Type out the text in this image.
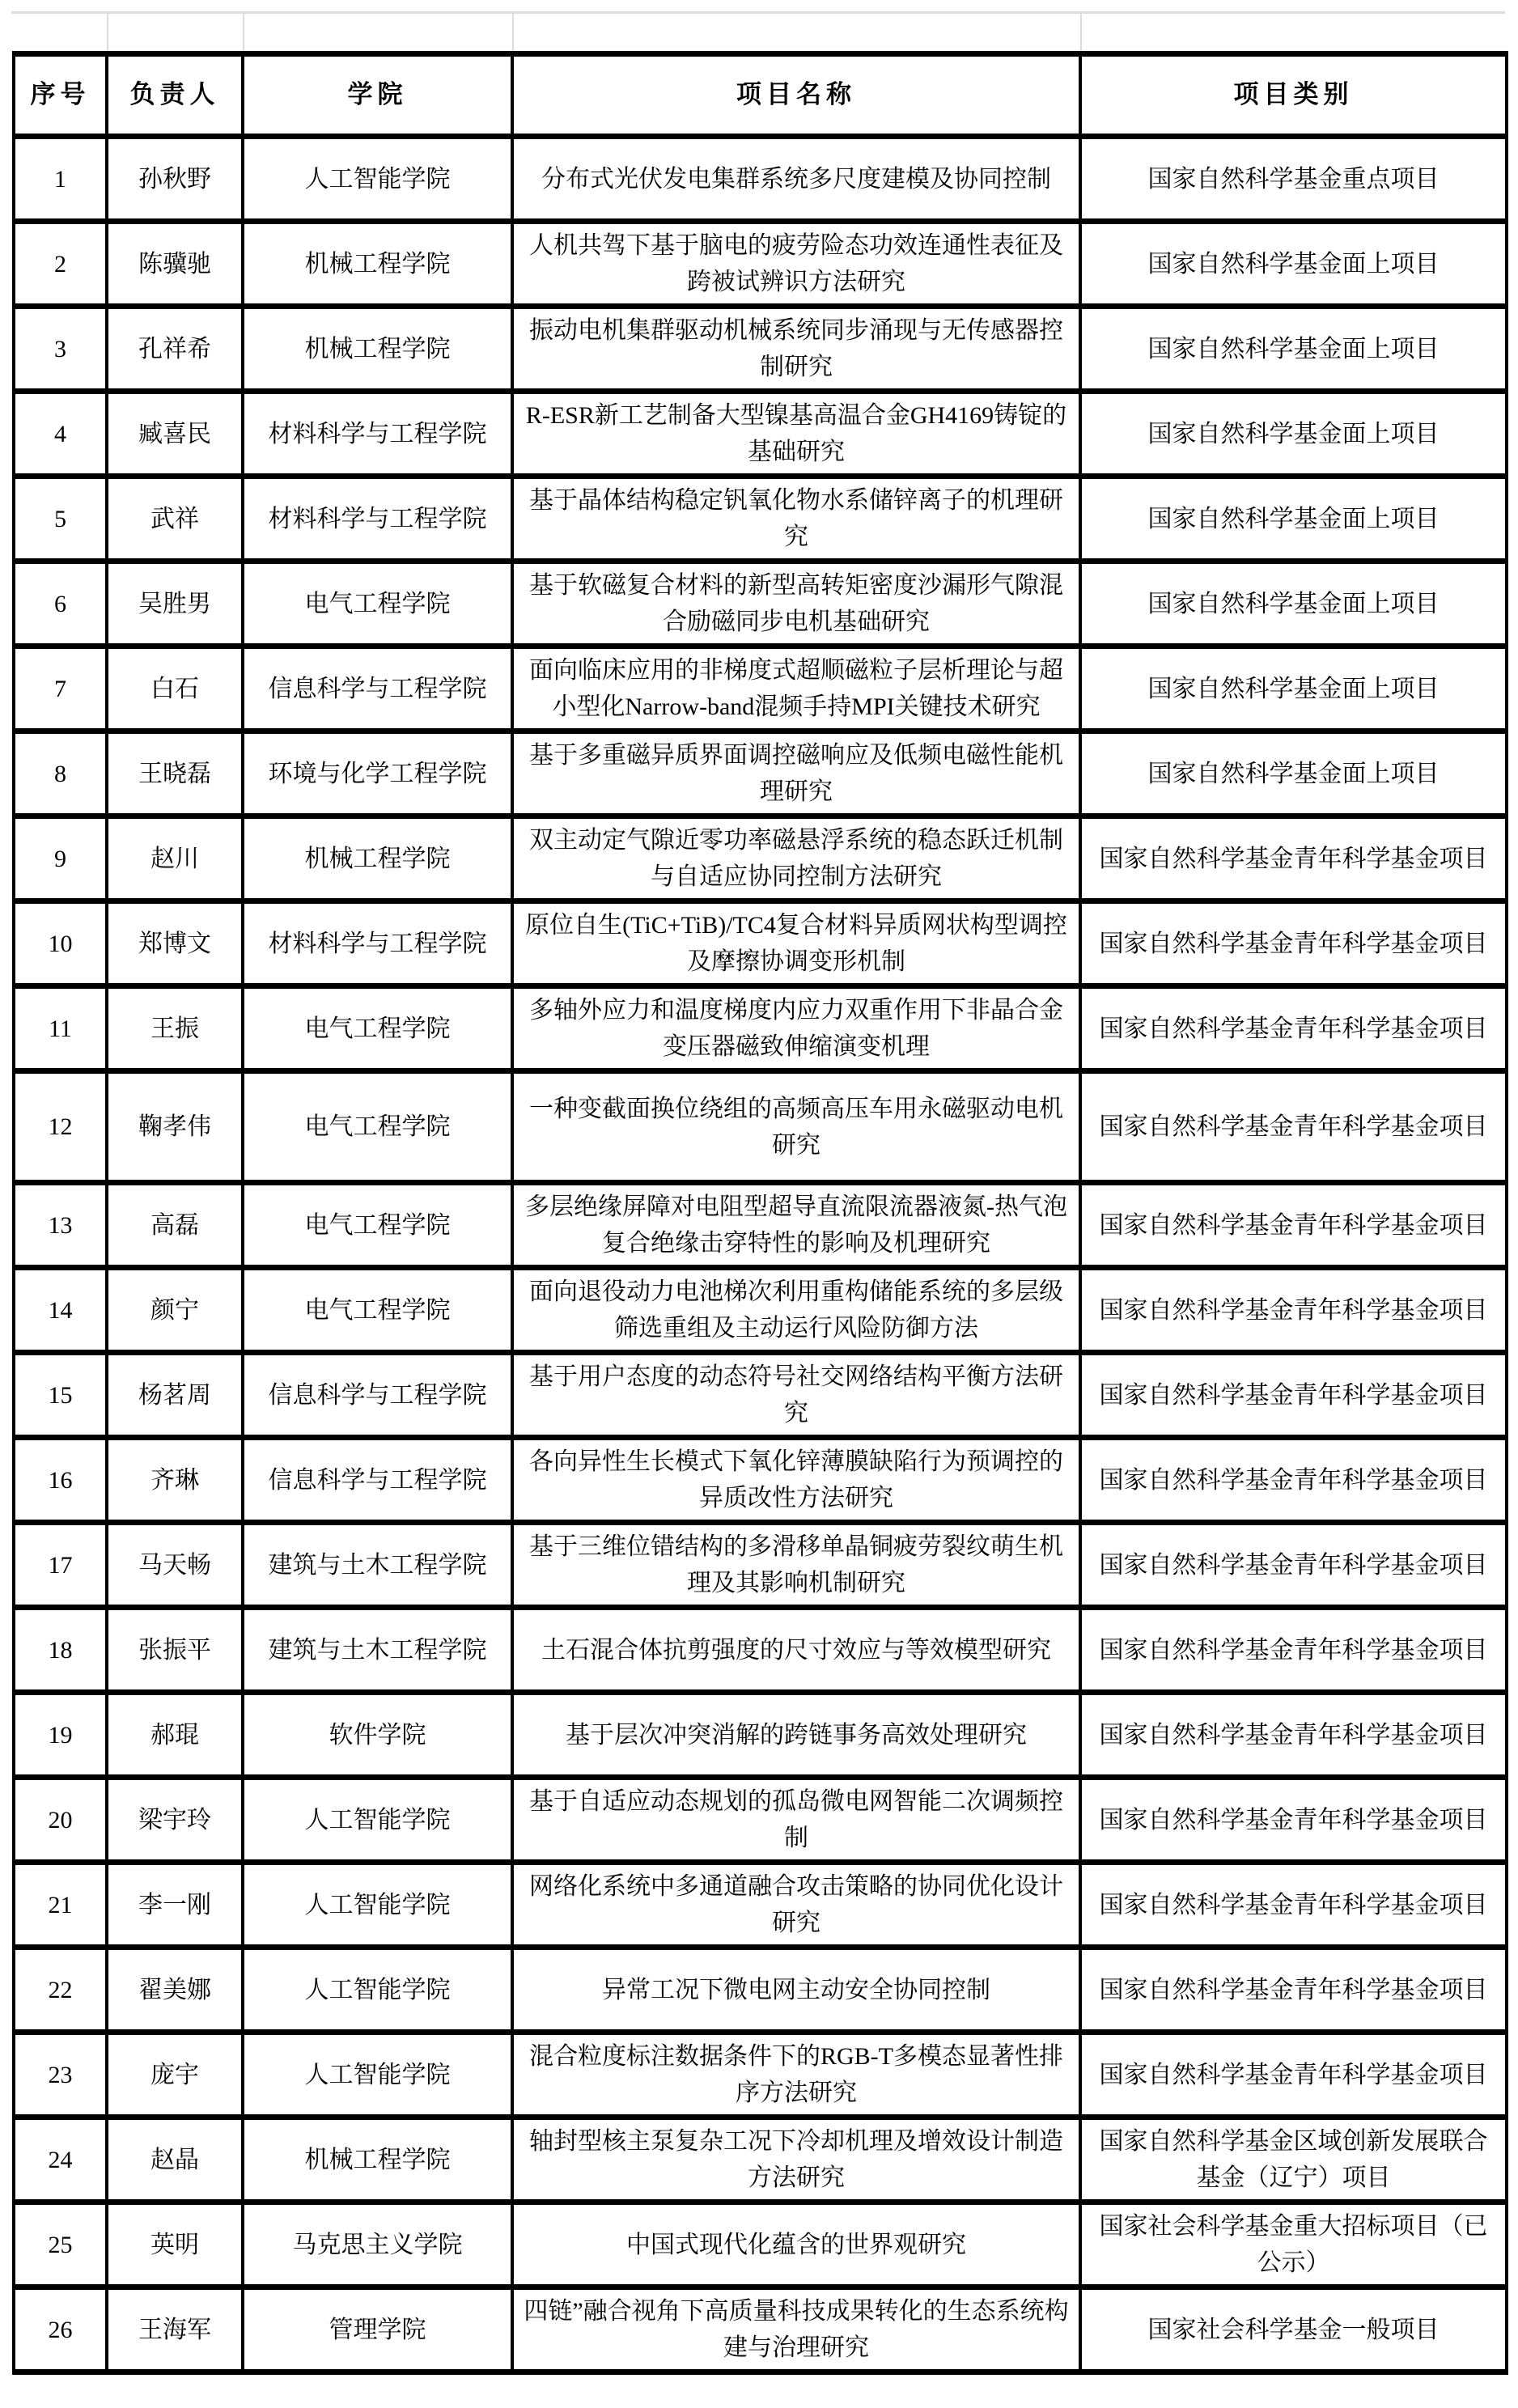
序号	负责人	学院	项目名称	项目类别
1	孙秋野	人工智能学院	分布式光伏发电集群系统多尺度建模及协同控制	国家自然科学基金重点项目
2	陈骥驰	机械工程学院	人机共驾下基于脑电的疲劳险态功效连通性表征及跨被试辨识方法研究	国家自然科学基金面上项目
3	孔祥希	机械工程学院	振动电机集群驱动机械系统同步涌现与无传感器控制研究	国家自然科学基金面上项目
4	臧喜民	材料科学与工程学院	R-ESR新工艺制备大型镍基高温合金GH4169铸锭的基础研究	国家自然科学基金面上项目
5	武祥	材料科学与工程学院	基于晶体结构稳定钒氧化物水系储锌离子的机理研究	国家自然科学基金面上项目
6	吴胜男	电气工程学院	基于软磁复合材料的新型高转矩密度沙漏形气隙混合励磁同步电机基础研究	国家自然科学基金面上项目
7	白石	信息科学与工程学院	面向临床应用的非梯度式超顺磁粒子层析理论与超小型化Narrow-band混频手持MPI关键技术研究	国家自然科学基金面上项目
8	王晓磊	环境与化学工程学院	基于多重磁异质界面调控磁响应及低频电磁性能机理研究	国家自然科学基金面上项目
9	赵川	机械工程学院	双主动定气隙近零功率磁悬浮系统的稳态跃迁机制与自适应协同控制方法研究	国家自然科学基金青年科学基金项目
10	郑博文	材料科学与工程学院	原位自生(TiC+TiB)/TC4复合材料异质网状构型调控及摩擦协调变形机制	国家自然科学基金青年科学基金项目
11	王振	电气工程学院	多轴外应力和温度梯度内应力双重作用下非晶合金变压器磁致伸缩演变机理	国家自然科学基金青年科学基金项目
12	鞠孝伟	电气工程学院	一种变截面换位绕组的高频高压车用永磁驱动电机研究	国家自然科学基金青年科学基金项目
13	高磊	电气工程学院	多层绝缘屏障对电阻型超导直流限流器液氮-热气泡复合绝缘击穿特性的影响及机理研究	国家自然科学基金青年科学基金项目
14	颜宁	电气工程学院	面向退役动力电池梯次利用重构储能系统的多层级筛选重组及主动运行风险防御方法	国家自然科学基金青年科学基金项目
15	杨茗周	信息科学与工程学院	基于用户态度的动态符号社交网络结构平衡方法研究	国家自然科学基金青年科学基金项目
16	齐琳	信息科学与工程学院	各向异性生长模式下氧化锌薄膜缺陷行为预调控的异质改性方法研究	国家自然科学基金青年科学基金项目
17	马天畅	建筑与土木工程学院	基于三维位错结构的多滑移单晶铜疲劳裂纹萌生机理及其影响机制研究	国家自然科学基金青年科学基金项目
18	张振平	建筑与土木工程学院	土石混合体抗剪强度的尺寸效应与等效模型研究	国家自然科学基金青年科学基金项目
19	郝琨	软件学院	基于层次冲突消解的跨链事务高效处理研究	国家自然科学基金青年科学基金项目
20	梁宇玲	人工智能学院	基于自适应动态规划的孤岛微电网智能二次调频控制	国家自然科学基金青年科学基金项目
21	李一刚	人工智能学院	网络化系统中多通道融合攻击策略的协同优化设计研究	国家自然科学基金青年科学基金项目
22	翟美娜	人工智能学院	异常工况下微电网主动安全协同控制	国家自然科学基金青年科学基金项目
23	庞宇	人工智能学院	混合粒度标注数据条件下的RGB-T多模态显著性排序方法研究	国家自然科学基金青年科学基金项目
24	赵晶	机械工程学院	轴封型核主泵复杂工况下冷却机理及增效设计制造方法研究	国家自然科学基金区域创新发展联合基金（辽宁）项目
25	英明	马克思主义学院	中国式现代化蕴含的世界观研究	国家社会科学基金重大招标项目（已公示）
26	王海军	管理学院	四链”融合视角下高质量科技成果转化的生态系统构建与治理研究	国家社会科学基金一般项目
